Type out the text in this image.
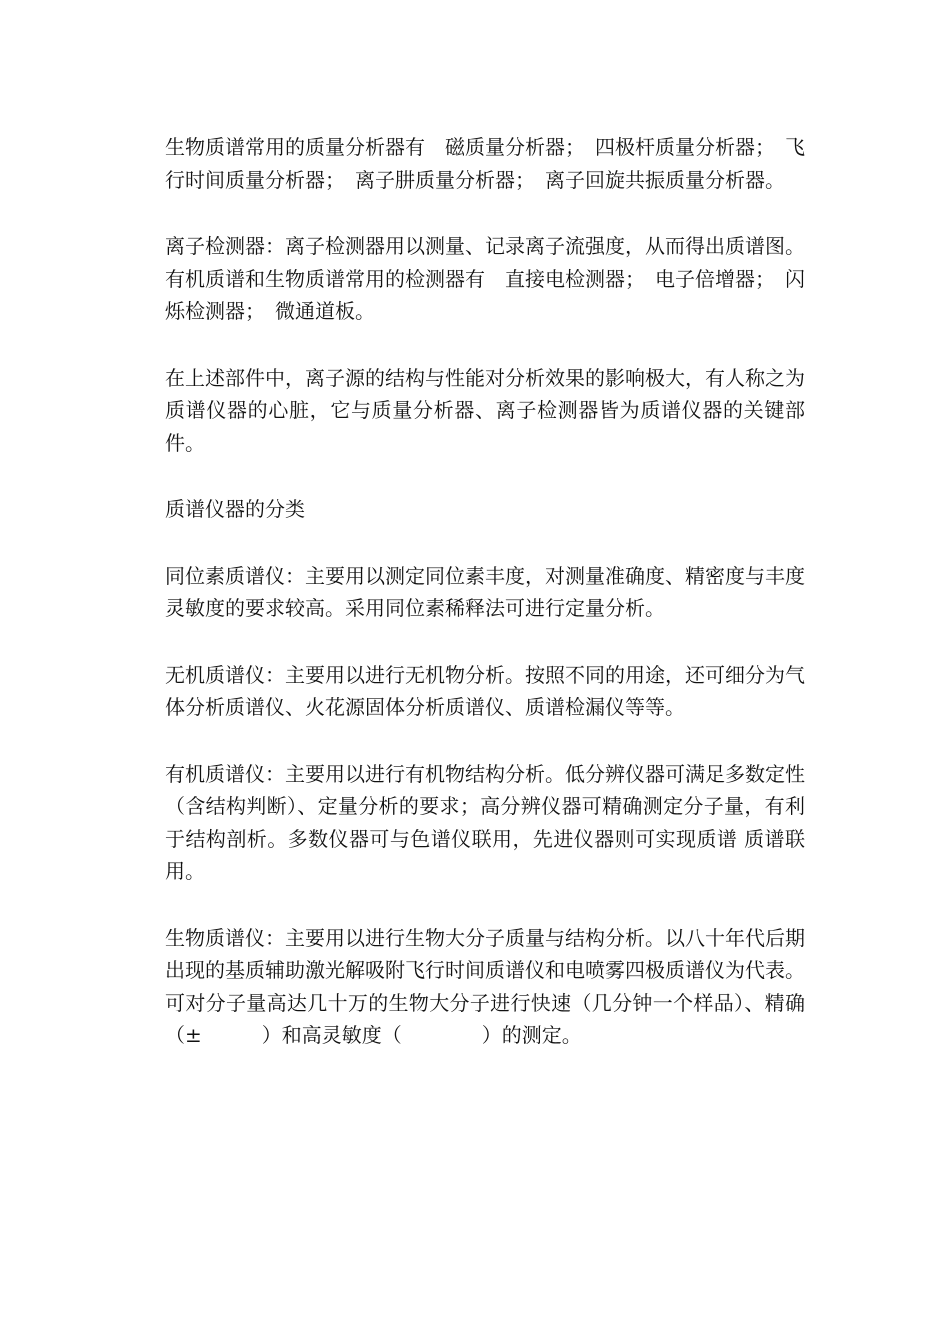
生物质谱常用的质量分析器有　磁质量分析器；　四极杆质量分析器；　飞行时间质量分析器；　离子肼质量分析器；　离子回旋共振质量分析器。

离子检测器：离子检测器用以测量、记录离子流强度，从而得出质谱图。有机质谱和生物质谱常用的检测器有　直接电检测器；　电子倍增器；　闪烁检测器；　微通道板。

在上述部件中，离子源的结构与性能对分析效果的影响极大，有人称之为质谱仪器的心脏，它与质量分析器、离子检测器皆为质谱仪器的关键部件。

质谱仪器的分类

同位素质谱仪：主要用以测定同位素丰度，对测量准确度、精密度与丰度灵敏度的要求较高。采用同位素稀释法可进行定量分析。

无机质谱仪：主要用以进行无机物分析。按照不同的用途，还可细分为气体分析质谱仪、火花源固体分析质谱仪、质谱检漏仪等等。

有机质谱仪：主要用以进行有机物结构分析。低分辨仪器可满足多数定性（含结构判断）、定量分析的要求；高分辨仪器可精确测定分子量，有利于结构剖析。多数仪器可与色谱仪联用，先进仪器则可实现质谱 质谱联用。

生物质谱仪：主要用以进行生物大分子质量与结构分析。以八十年代后期出现的基质辅助激光解吸附飞行时间质谱仪和电喷雾四极质谱仪为代表。可对分子量高达几十万的生物大分子进行快速（几分钟一个样品）、精确（±　　　）和高灵敏度（　　　　）的测定。
